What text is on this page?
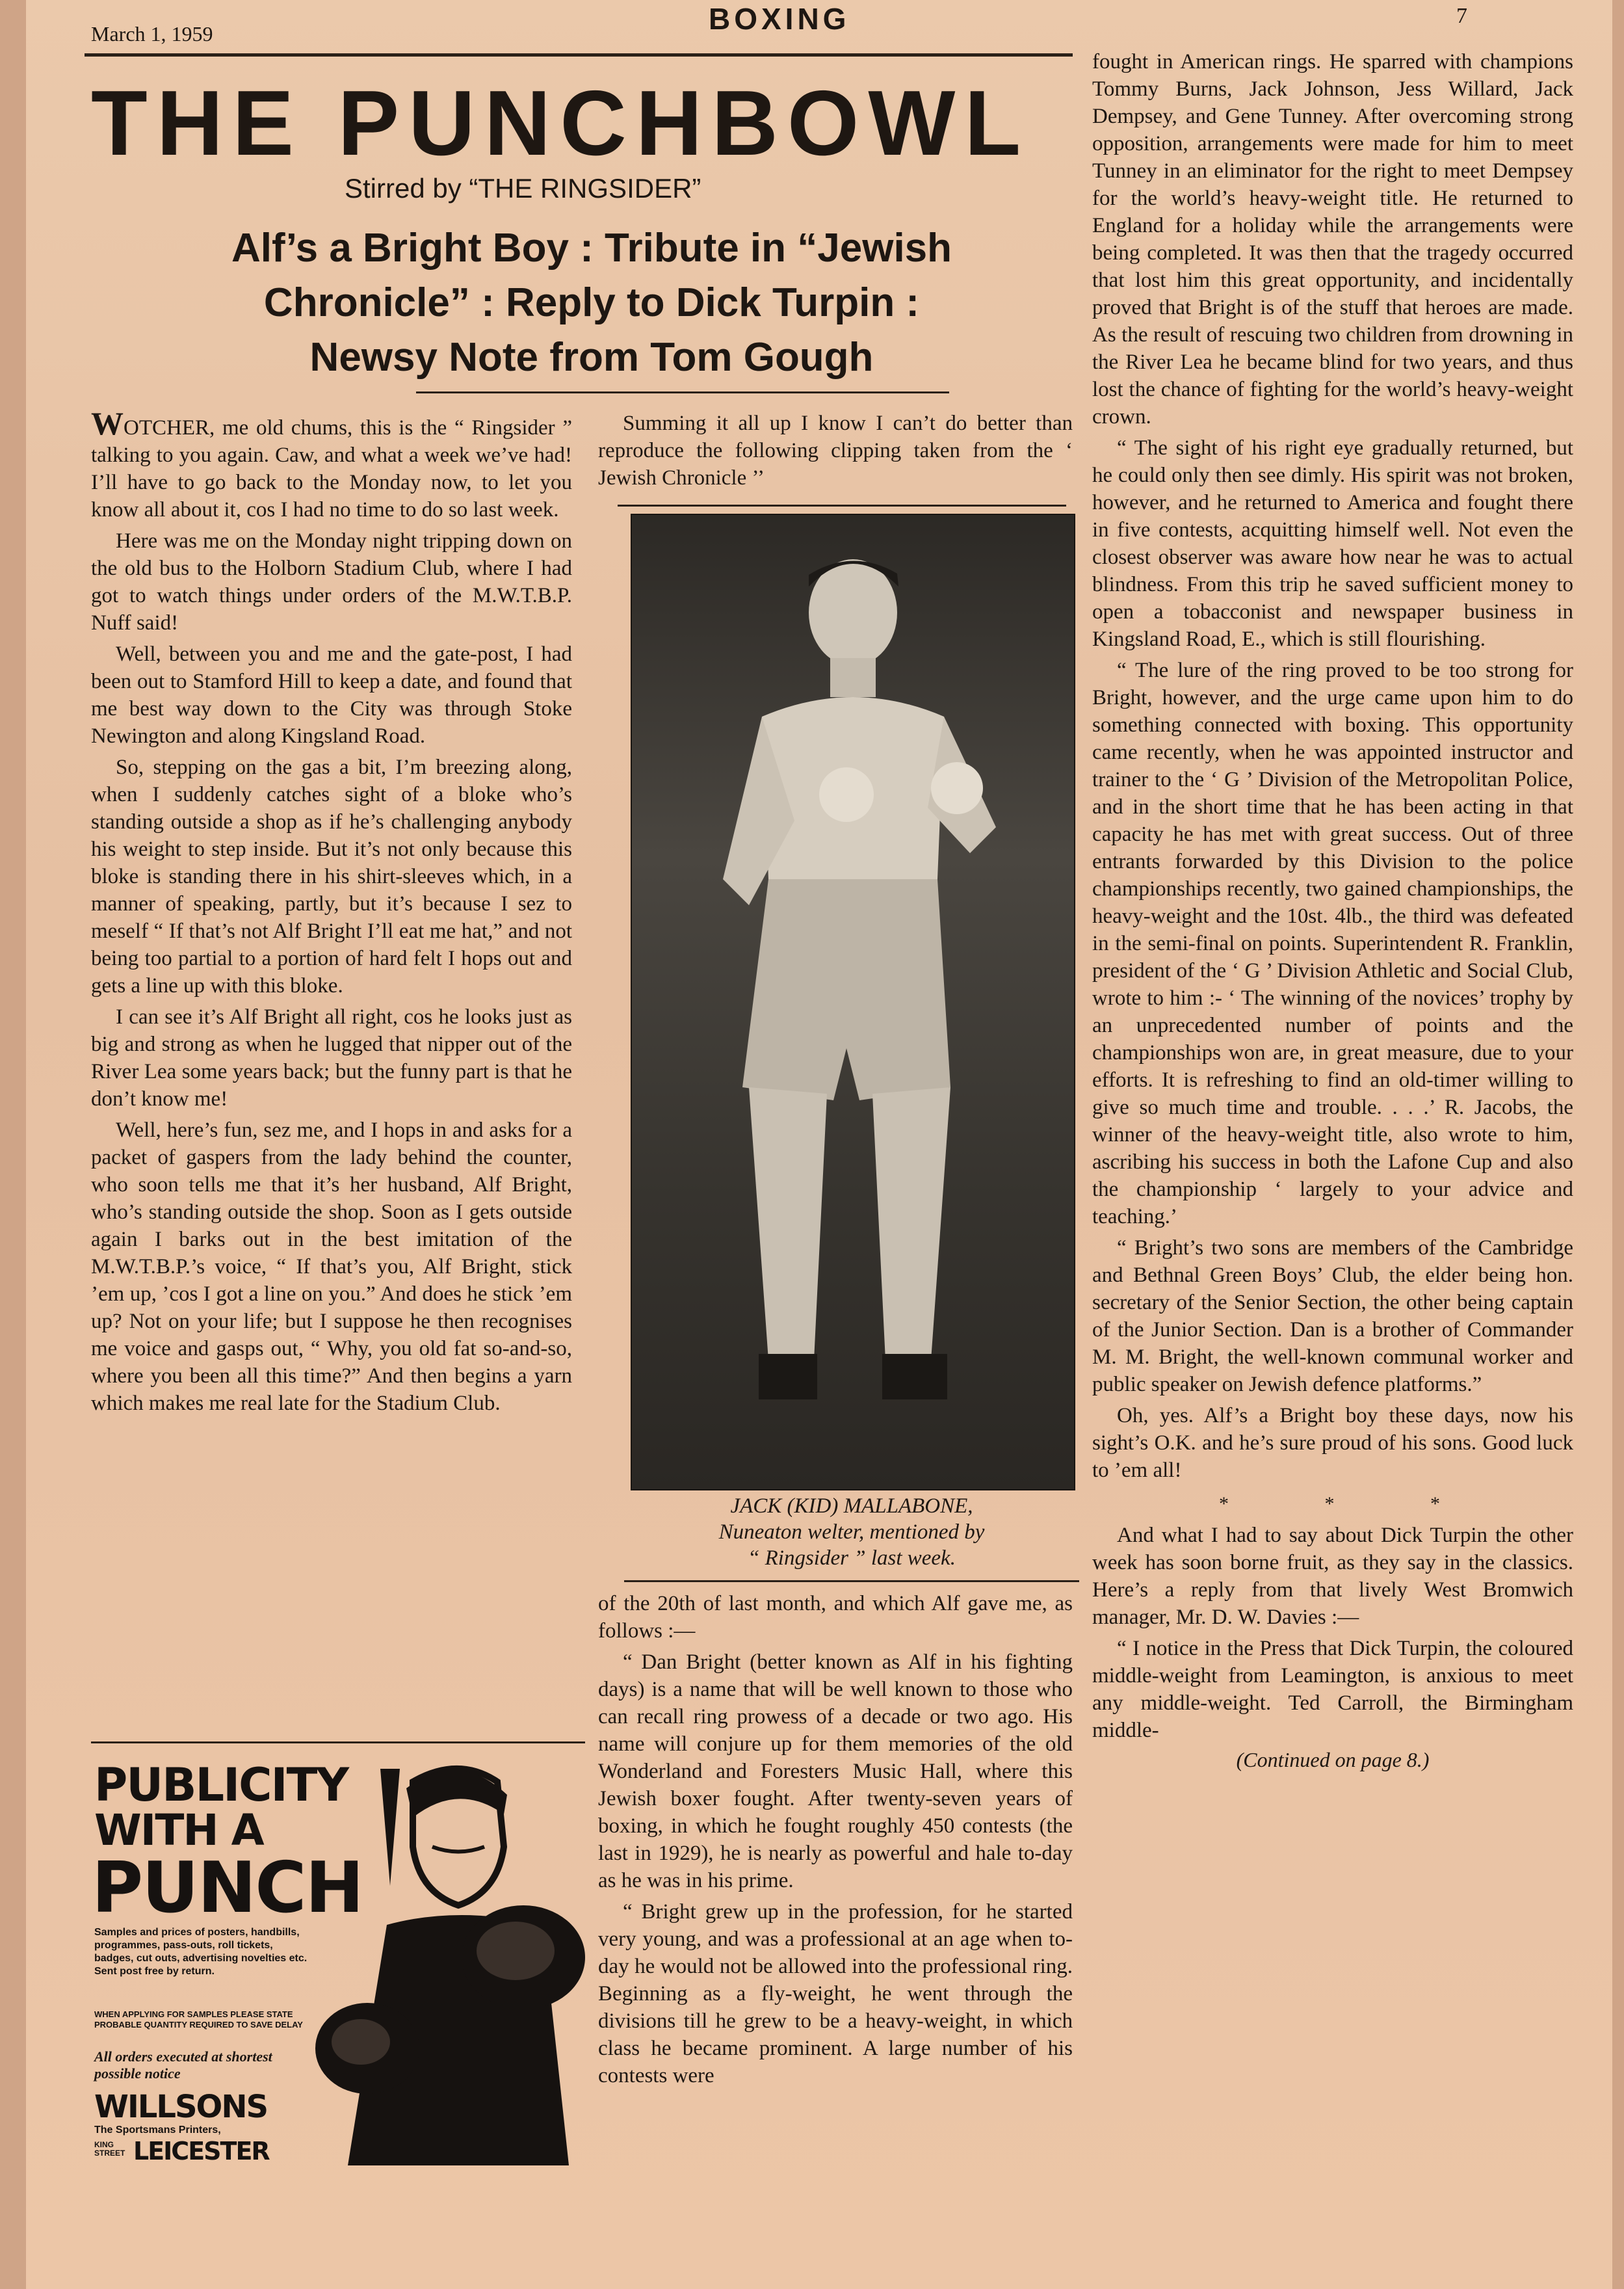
March 1, 1959	BOXING	7
THE PUNCHBOWL
Stirred by “THE RINGSIDER”
Alf’s a Bright Boy : Tribute in “Jewish
Chronicle” : Reply to Dick Turpin :
Newsy Note from Tom Gough

WOTCHER, me old chums, this is the “ Ringsider ” talking to you again. Caw, and what a week we’ve had! I’ll have to go back to the Monday now, to let you know all about it, cos I had no time to do so last week.

Here was me on the Monday night tripping down on the old bus to the Holborn Stadium Club, where I had got to watch things under orders of the M.W.T.B.P. Nuff said!

Well, between you and me and the gate-post, I had been out to Stamford Hill to keep a date, and found that me best way down to the City was through Stoke Newington and along Kingsland Road.

So, stepping on the gas a bit, I’m breezing along, when I suddenly catches sight of a bloke who’s standing outside a shop as if he’s challenging anybody his weight to step inside. But it’s not only because this bloke is standing there in his shirt-sleeves which, in a manner of speaking, partly, but it’s because I sez to meself “ If that’s not Alf Bright I’ll eat me hat,” and not being too partial to a portion of hard felt I hops out and gets a line up with this bloke.

I can see it’s Alf Bright all right, cos he looks just as big and strong as when he lugged that nipper out of the River Lea some years back; but the funny part is that he don’t know me!

Well, here’s fun, sez me, and I hops in and asks for a packet of gaspers from the lady behind the counter, who soon tells me that it’s her husband, Alf Bright, who’s standing outside the shop. Soon as I gets outside again I barks out in the best imitation of the M.W.T.B.P.’s voice, “ If that’s you, Alf Bright, stick ’em up, ’cos I got a line on you.” And does he stick ’em up? Not on your life; but I suppose he then recognises me voice and gasps out, “ Why, you old fat so-and-so, where you been all this time?” And then begins a yarn which makes me real late for the Stadium Club.

PUBLICITY
WITH A
PUNCH
Samples and prices of posters, handbills, programmes, pass-outs, roll tickets, badges, cut outs, advertising novelties etc. Sent post free by return.
WHEN APPLYING FOR SAMPLES PLEASE STATE PROBABLE QUANTITY REQUIRED TO SAVE DELAY
All orders executed at shortest possible notice
WILLSONS
The Sportsmans Printers,
KING STREET LEICESTER

Summing it all up I know I can’t do better than reproduce the following clipping taken from the ‘ Jewish Chronicle ’’

JACK (KID) MALLABONE,
Nuneaton welter, mentioned by
“ Ringsider ” last week.

of the 20th of last month, and which Alf gave me, as follows :—

“ Dan Bright (better known as Alf in his fighting days) is a name that will be well known to those who can recall ring prowess of a decade or two ago. His name will conjure up for them memories of the old Wonderland and Foresters Music Hall, where this Jewish boxer fought. After twenty-seven years of boxing, in which he fought roughly 450 contests (the last in 1929), he is nearly as powerful and hale to-day as he was in his prime.

“ Bright grew up in the profession, for he started very young, and was a professional at an age when to-day he would not be allowed into the professional ring. Beginning as a fly-weight, he went through the divisions till he grew to be a heavy-weight, in which class he became prominent. A large number of his contests were

fought in American rings. He sparred with champions Tommy Burns, Jack Johnson, Jess Willard, Jack Dempsey, and Gene Tunney. After overcoming strong opposition, arrangements were made for him to meet Tunney in an eliminator for the right to meet Dempsey for the world’s heavy-weight title. He returned to England for a holiday while the arrangements were being completed. It was then that the tragedy occurred that lost him this great opportunity, and incidentally proved that Bright is of the stuff that heroes are made. As the result of rescuing two children from drowning in the River Lea he became blind for two years, and thus lost the chance of fighting for the world’s heavy-weight crown.

“ The sight of his right eye gradually returned, but he could only then see dimly. His spirit was not broken, however, and he returned to America and fought there in five contests, acquitting himself well. Not even the closest observer was aware how near he was to actual blindness. From this trip he saved sufficient money to open a tobacconist and newspaper business in Kingsland Road, E., which is still flourishing.

“ The lure of the ring proved to be too strong for Bright, however, and the urge came upon him to do something connected with boxing. This opportunity came recently, when he was appointed instructor and trainer to the ‘ G ’ Division of the Metropolitan Police, and in the short time that he has been acting in that capacity he has met with great success. Out of three entrants forwarded by this Division to the police championships recently, two gained championships, the heavy-weight and the 10st. 4lb., the third was defeated in the semi-final on points. Superintendent R. Franklin, president of the ‘ G ’ Division Athletic and Social Club, wrote to him :- ‘ The winning of the novices’ trophy by an unprecedented number of points and the championships won are, in great measure, due to your efforts. It is refreshing to find an old-timer willing to give so much time and trouble. . . .’ R. Jacobs, the winner of the heavy-weight title, also wrote to him, ascribing his success in both the Lafone Cup and also the championship ‘ largely to your advice and teaching.’

“ Bright’s two sons are members of the Cambridge and Bethnal Green Boys’ Club, the elder being hon. secretary of the Senior Section, the other being captain of the Junior Section. Dan is a brother of Commander M. M. Bright, the well-known communal worker and public speaker on Jewish defence platforms.”

Oh, yes. Alf’s a Bright boy these days, now his sight’s O.K. and he’s sure proud of his sons. Good luck to ’em all!

* * *

And what I had to say about Dick Turpin the other week has soon borne fruit, as they say in the classics. Here’s a reply from that lively West Bromwich manager, Mr. D. W. Davies :—

“ I notice in the Press that Dick Turpin, the coloured middle-weight from Leamington, is anxious to meet any middle-weight. Ted Carroll, the Birmingham middle-

(Continued on page 8.)
